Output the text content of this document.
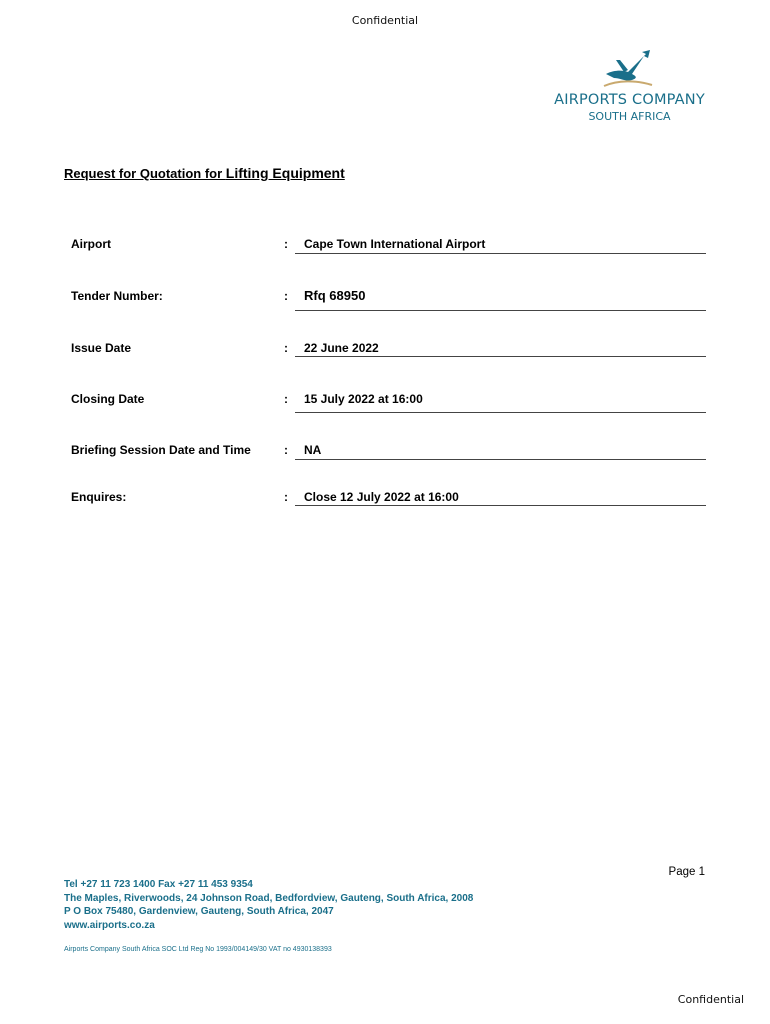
Confidential
AIRPORTS COMPANY
SOUTH AFRICA
Request for Quotation for Lifting Equipment
Airport	: Cape Town International Airport
Tender Number:	: Rfq 68950
Issue Date	: 22 June 2022
Closing Date	: 15 July 2022 at 16:00
Briefing Session Date and Time	: NA
Enquires:	: Close 12 July 2022 at 16:00
Page 1
Tel +27 11 723 1400 Fax +27 11 453 9354
The Maples, Riverwoods, 24 Johnson Road, Bedfordview, Gauteng, South Africa, 2008
P O Box 75480, Gardenview, Gauteng, South Africa, 2047
www.airports.co.za
Airports Company South Africa SOC Ltd Reg No 1993/004149/30 VAT no 4930138393
Confidential
